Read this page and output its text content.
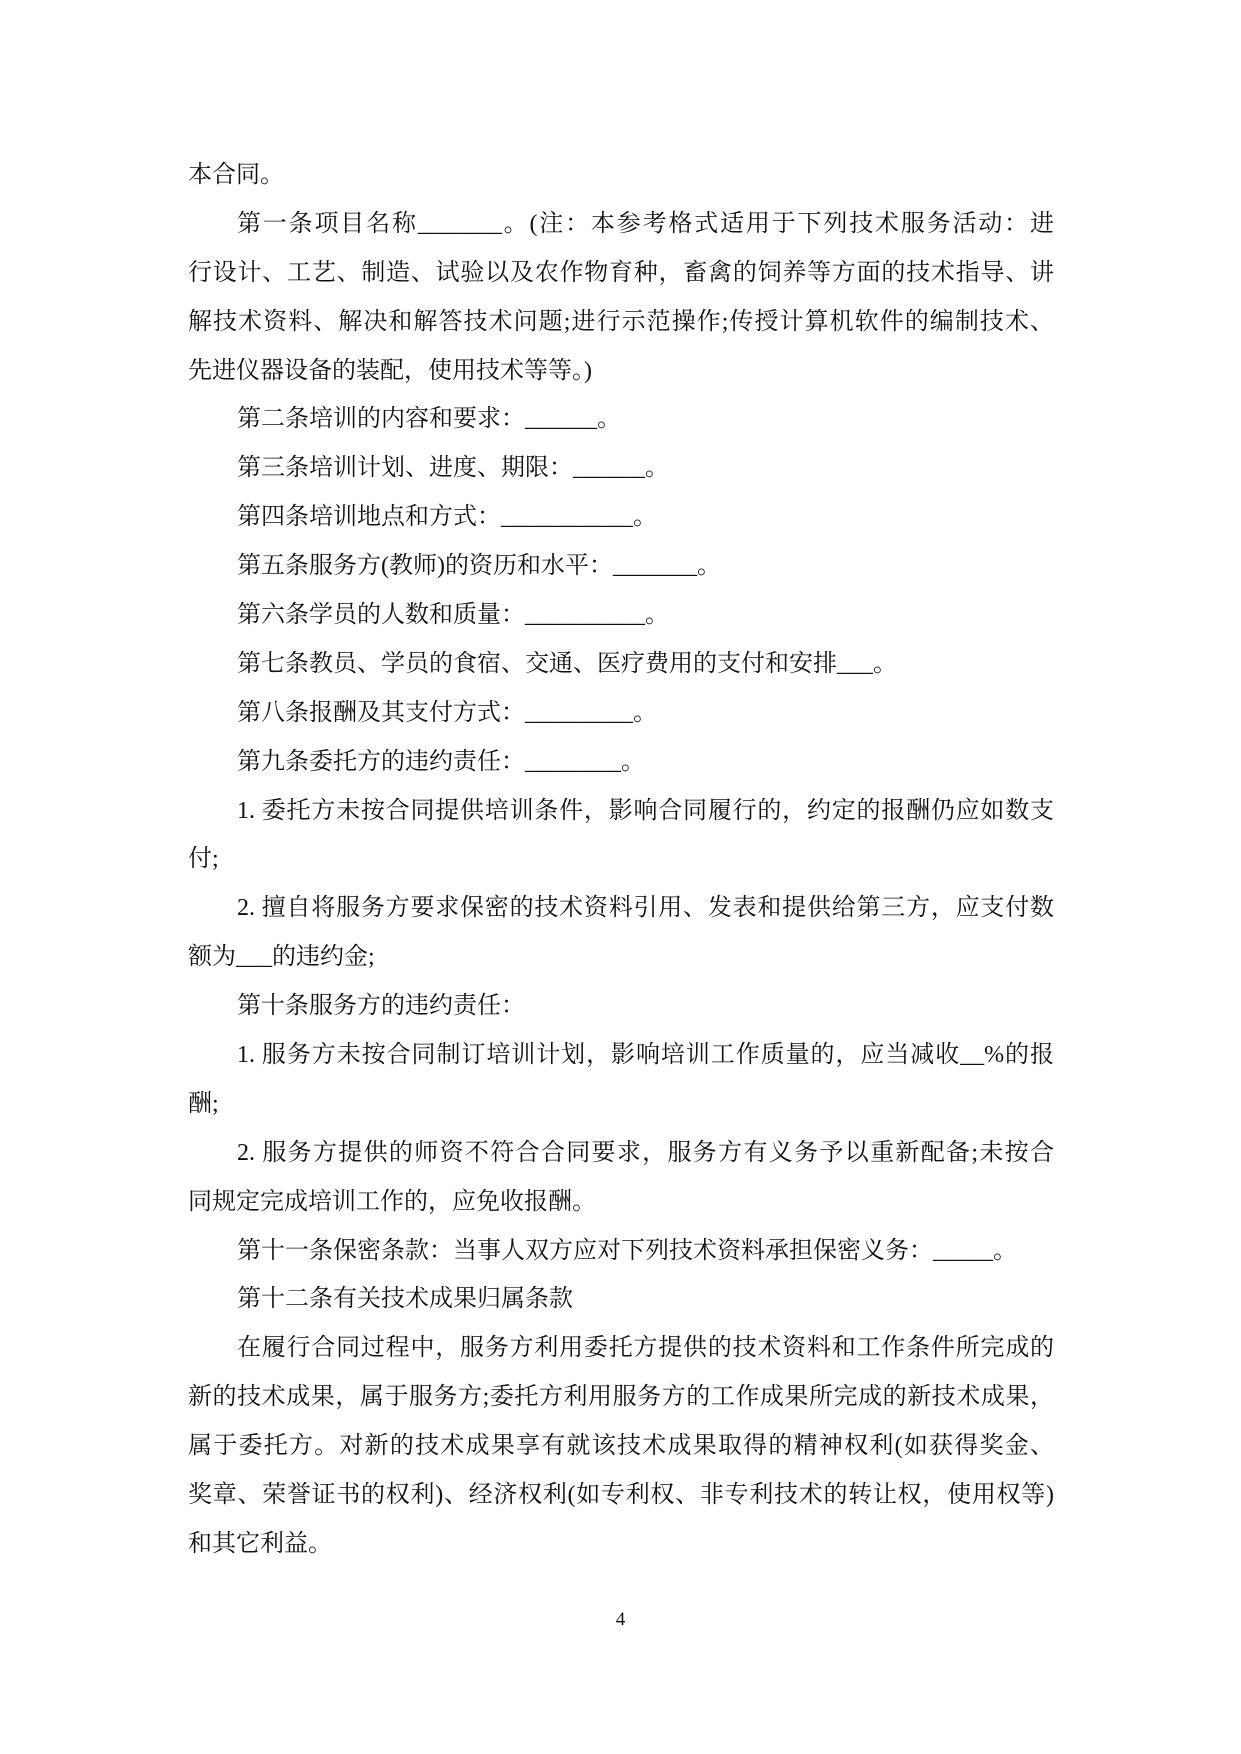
本合同。
第一条项目名称_______。(注：本参考格式适用于下列技术服务活动：进
行设计、工艺、制造、试验以及农作物育种，畜禽的饲养等方面的技术指导、讲
解技术资料、解决和解答技术问题;进行示范操作;传授计算机软件的编制技术、
先进仪器设备的装配，使用技术等等。)
第二条培训的内容和要求：______。
第三条培训计划、进度、期限：______。
第四条培训地点和方式：___________。
第五条服务方(教师)的资历和水平：_______。
第六条学员的人数和质量：__________。
第七条教员、学员的食宿、交通、医疗费用的支付和安排___。
第八条报酬及其支付方式：_________。
第九条委托方的违约责任：________。
1. 委托方未按合同提供培训条件，影响合同履行的，约定的报酬仍应如数支
付;
2. 擅自将服务方要求保密的技术资料引用、发表和提供给第三方，应支付数
额为___的违约金;
第十条服务方的违约责任：
1. 服务方未按合同制订培训计划，影响培训工作质量的，应当减收__%的报
酬;
2. 服务方提供的师资不符合合同要求，服务方有义务予以重新配备;未按合
同规定完成培训工作的，应免收报酬。
第十一条保密条款：当事人双方应对下列技术资料承担保密义务：_____。
第十二条有关技术成果归属条款
在履行合同过程中，服务方利用委托方提供的技术资料和工作条件所完成的
新的技术成果，属于服务方;委托方利用服务方的工作成果所完成的新技术成果，
属于委托方。对新的技术成果享有就该技术成果取得的精神权利(如获得奖金、
奖章、荣誉证书的权利)、经济权利(如专利权、非专利技术的转让权，使用权等)
和其它利益。
4
